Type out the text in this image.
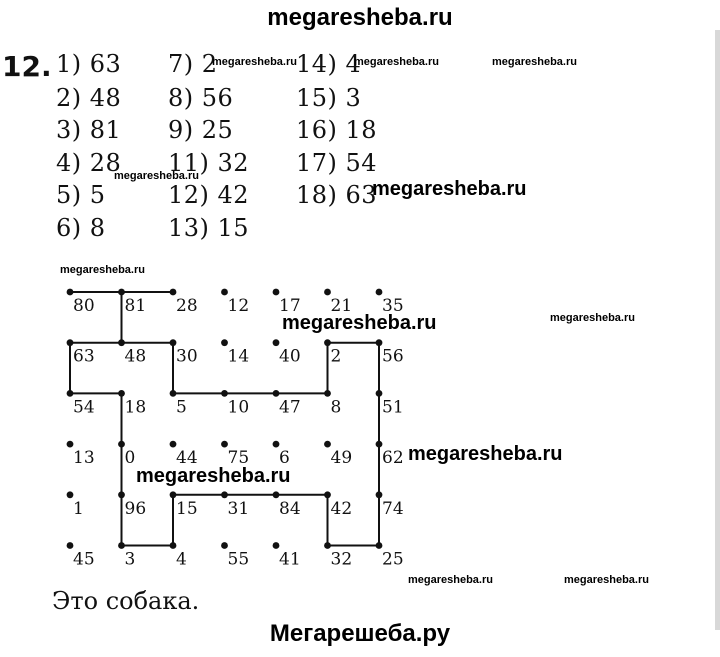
megaresheba.ru
12. 1) 63
2) 48
3) 81
4) 28
5) 5
6) 8
7) 2
8) 56
9) 25
11) 32
12) 42
13) 15
14) 4
15) 3
16) 18
17) 54
18) 63
80 81 28 12 17 21 35
63 48 30 14 40 2 56
54 18 5 10 47 8 51
13 0 44 75 6 49 62
1 96 15 31 84 42 74
45 3 4 55 41 32 25
Это собака.
megaresheba.ru	megaresheba.ru	megaresheba.ru
megaresheba.ru
megaresheba.ru
megaresheba.ru
megaresheba.ru	megaresheba.ru
megaresheba.ru
megaresheba.ru
megaresheba.ru	megaresheba.ru
Мегарешеба.ру
